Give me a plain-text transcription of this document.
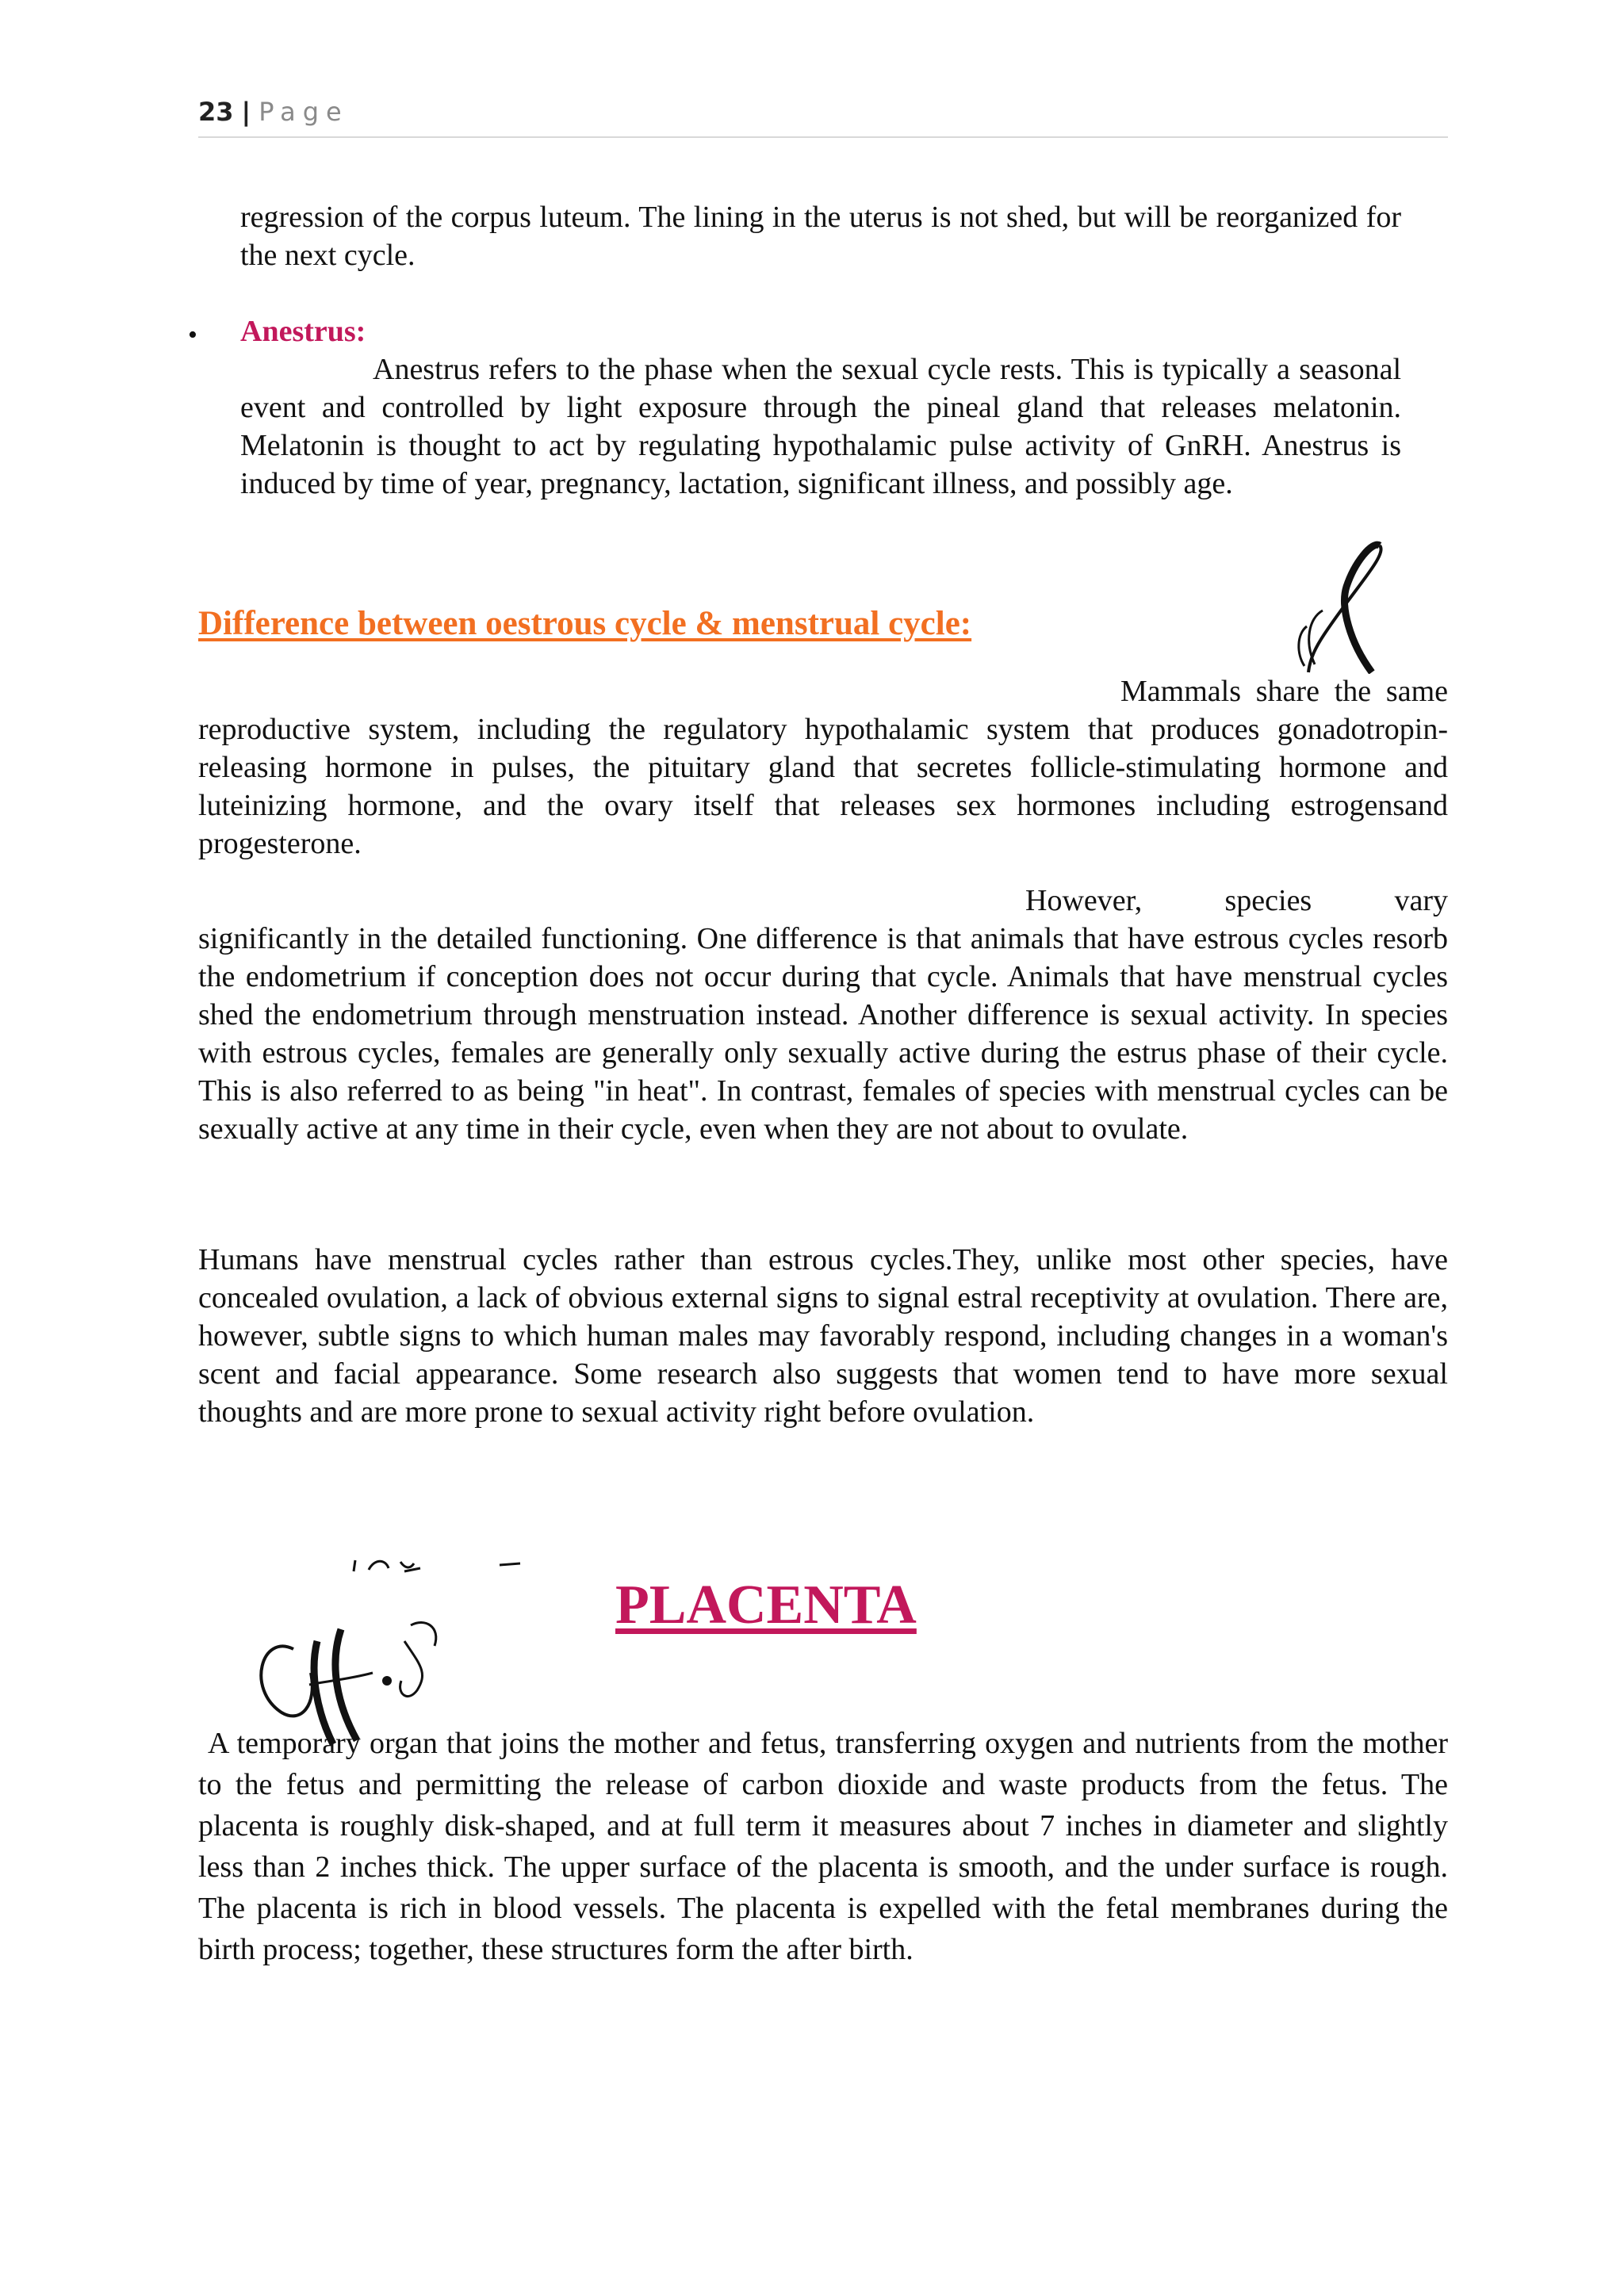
23 | Page

regression of the corpus luteum. The lining in the uterus is not shed, but will be reorganized for the next cycle.

• Anestrus:

Anestrus refers to the phase when the sexual cycle rests. This is typically a seasonal event and controlled by light exposure through the pineal gland that releases melatonin. Melatonin is thought to act by regulating hypothalamic pulse activity of GnRH. Anestrus is induced by time of year, pregnancy, lactation, significant illness, and possibly age.

Difference between oestrous cycle & menstrual cycle:

Mammals share the same reproductive system, including the regulatory hypothalamic system that produces gonadotropin-releasing hormone in pulses, the pituitary gland that secretes follicle-stimulating hormone and luteinizing hormone, and the ovary itself that releases sex hormones including estrogensand progesterone.

However, species vary significantly in the detailed functioning. One difference is that animals that have estrous cycles resorb the endometrium if conception does not occur during that cycle. Animals that have menstrual cycles shed the endometrium through menstruation instead. Another difference is sexual activity. In species with estrous cycles, females are generally only sexually active during the estrus phase of their cycle. This is also referred to as being "in heat". In contrast, females of species with menstrual cycles can be sexually active at any time in their cycle, even when they are not about to ovulate.

Humans have menstrual cycles rather than estrous cycles.They, unlike most other species, have concealed ovulation, a lack of obvious external signs to signal estral receptivity at ovulation. There are, however, subtle signs to which human males may favorably respond, including changes in a woman's scent and facial appearance. Some research also suggests that women tend to have more sexual thoughts and are more prone to sexual activity right before ovulation.

PLACENTA

A temporary organ that joins the mother and fetus, transferring oxygen and nutrients from the mother to the fetus and permitting the release of carbon dioxide and waste products from the fetus. The placenta is roughly disk-shaped, and at full term it measures about 7 inches in diameter and slightly less than 2 inches thick. The upper surface of the placenta is smooth, and the under surface is rough. The placenta is rich in blood vessels. The placenta is expelled with the fetal membranes during the birth process; together, these structures form the after birth.
